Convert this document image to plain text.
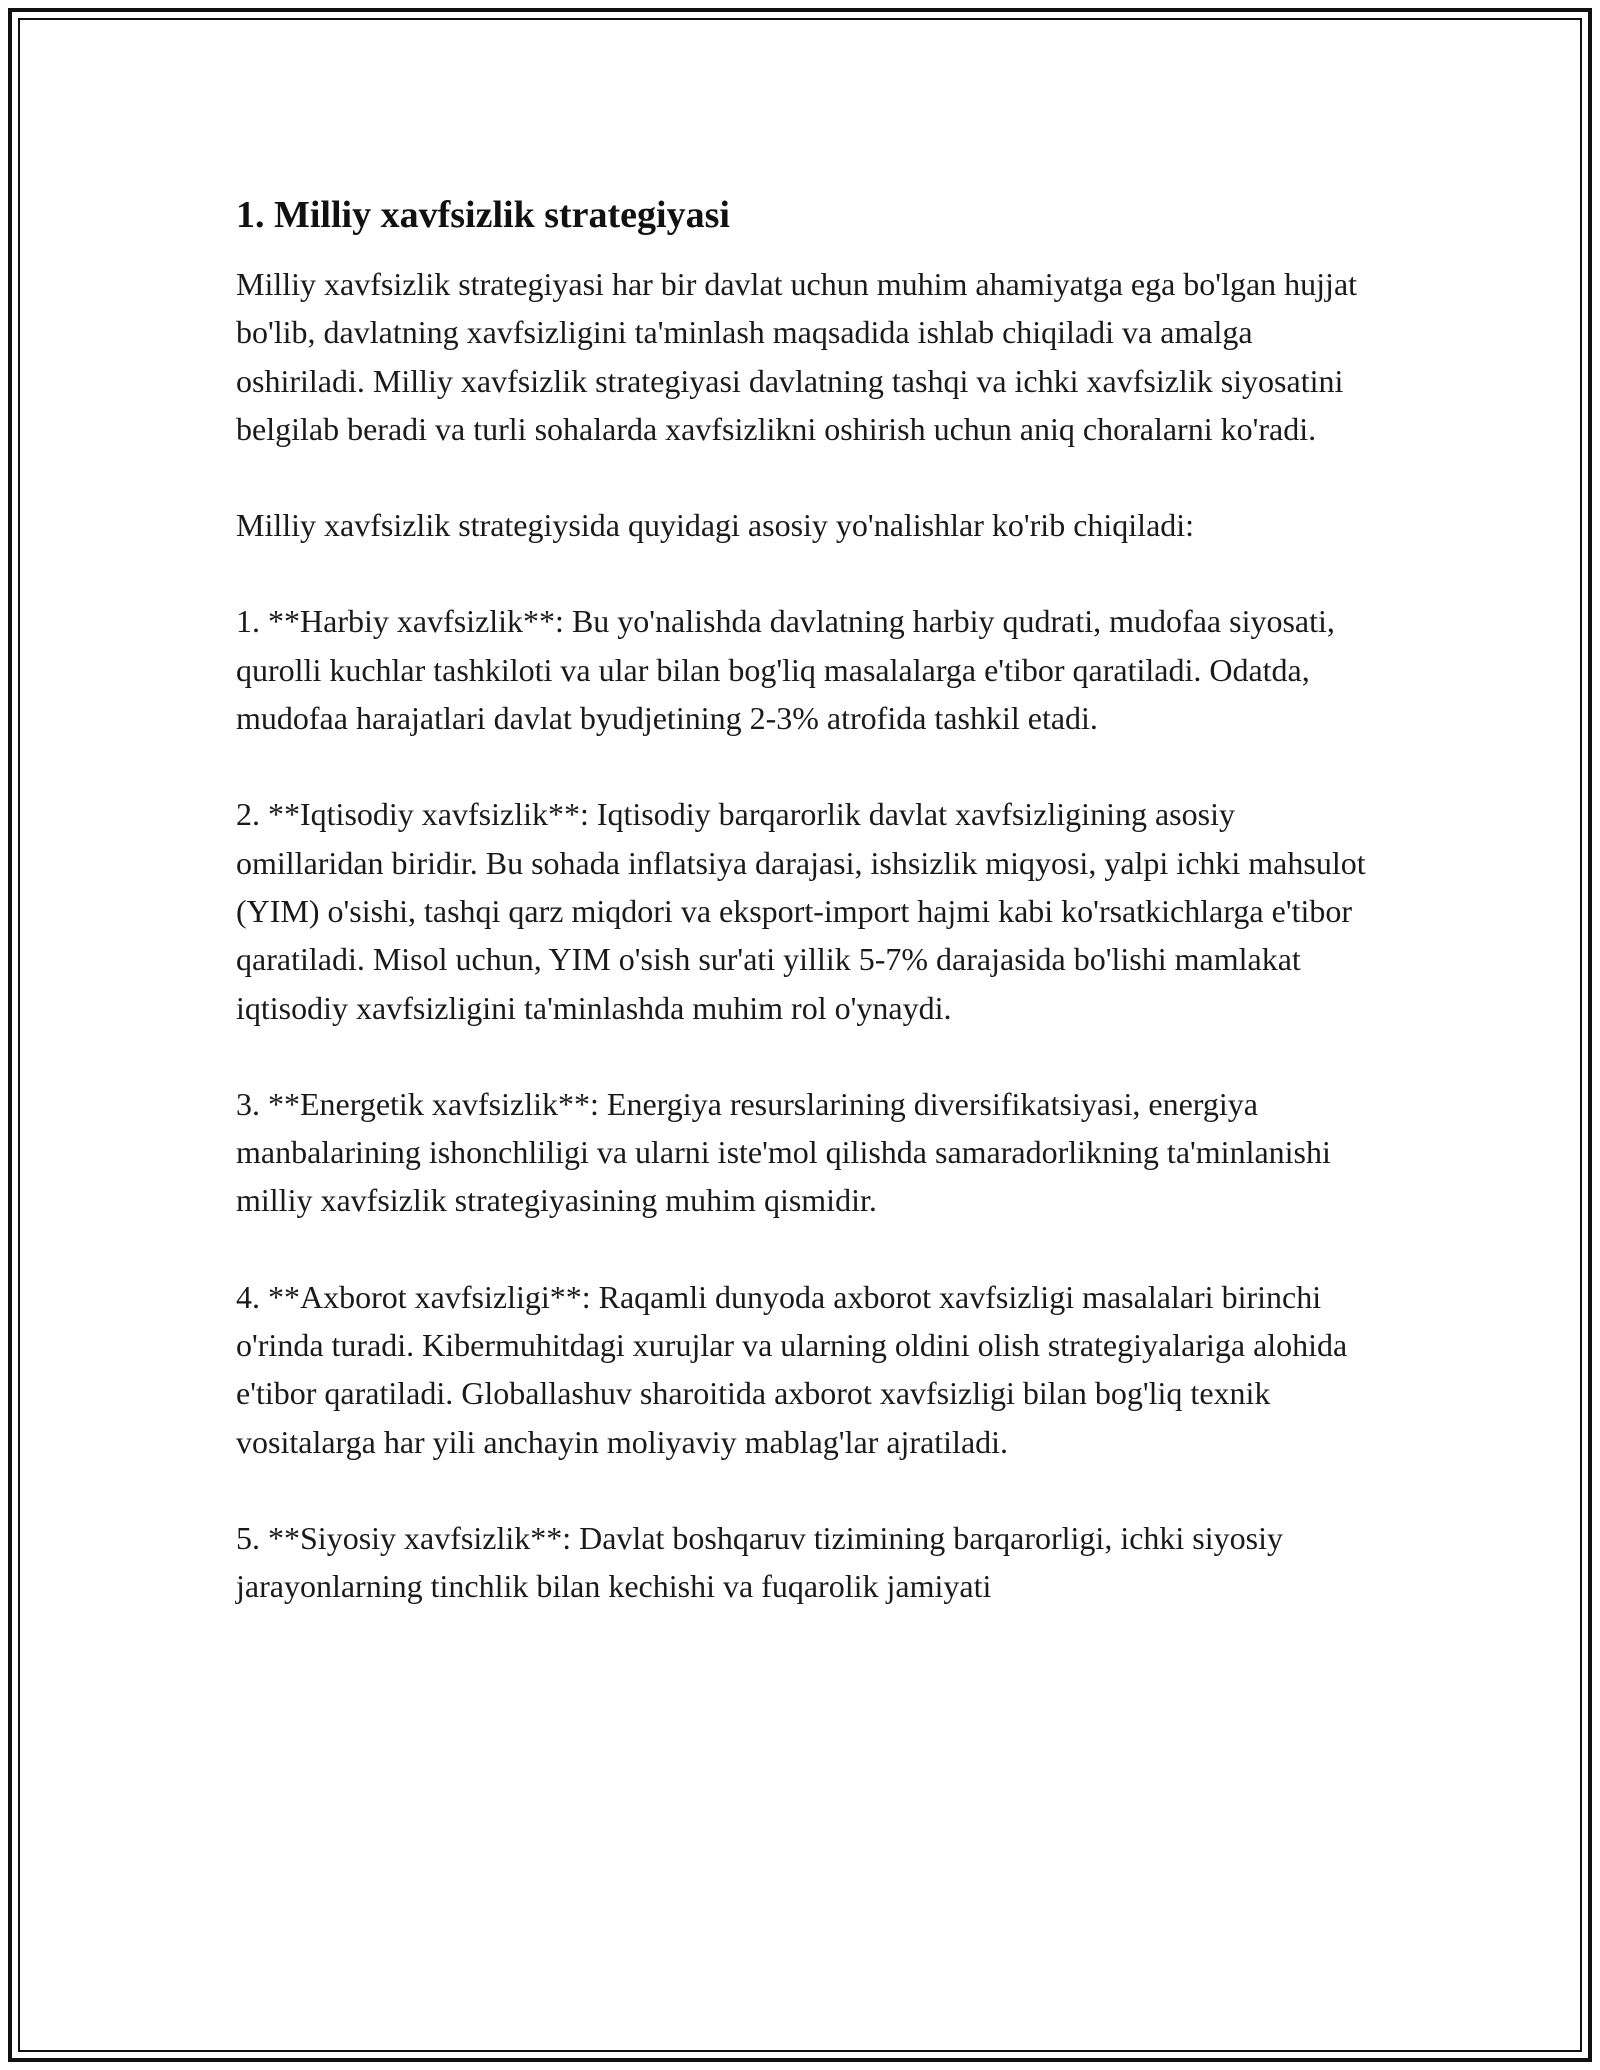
1. Milliy xavfsizlik strategiyasi

Milliy xavfsizlik strategiyasi har bir davlat uchun muhim ahamiyatga ega bo'lgan hujjat bo'lib, davlatning xavfsizligini ta'minlash maqsadida ishlab chiqiladi va amalga oshiriladi. Milliy xavfsizlik strategiyasi davlatning tashqi va ichki xavfsizlik siyosatini belgilab beradi va turli sohalarda xavfsizlikni oshirish uchun aniq choralarni ko'radi.

Milliy xavfsizlik strategiysida quyidagi asosiy yo'nalishlar ko'rib chiqiladi:

1. **Harbiy xavfsizlik**: Bu yo'nalishda davlatning harbiy qudrati, mudofaa siyosati, qurolli kuchlar tashkiloti va ular bilan bog'liq masalalarga e'tibor qaratiladi. Odatda, mudofaa harajatlari davlat byudjetining 2-3% atrofida tashkil etadi.

2. **Iqtisodiy xavfsizlik**: Iqtisodiy barqarorlik davlat xavfsizligining asosiy omillaridan biridir. Bu sohada inflatsiya darajasi, ishsizlik miqyosi, yalpi ichki mahsulot (YIM) o'sishi, tashqi qarz miqdori va eksport-import hajmi kabi ko'rsatkichlarga e'tibor qaratiladi. Misol uchun, YIM o'sish sur'ati yillik 5-7% darajasida bo'lishi mamlakat iqtisodiy xavfsizligini ta'minlashda muhim rol o'ynaydi.

3. **Energetik xavfsizlik**: Energiya resurslarining diversifikatsiyasi, energiya manbalarining ishonchliligi va ularni iste'mol qilishda samaradorlikning ta'minlanishi milliy xavfsizlik strategiyasining muhim qismidir.

4. **Axborot xavfsizligi**: Raqamli dunyoda axborot xavfsizligi masalalari birinchi o'rinda turadi. Kibermuhitdagi xurujlar va ularning oldini olish strategiyalariga alohida e'tibor qaratiladi. Globallashuv sharoitida axborot xavfsizligi bilan bog'liq texnik vositalarga har yili anchayin moliyaviy mablag'lar ajratiladi.

5. **Siyosiy xavfsizlik**: Davlat boshqaruv tizimining barqarorligi, ichki siyosiy jarayonlarning tinchlik bilan kechishi va fuqarolik jamiyati
